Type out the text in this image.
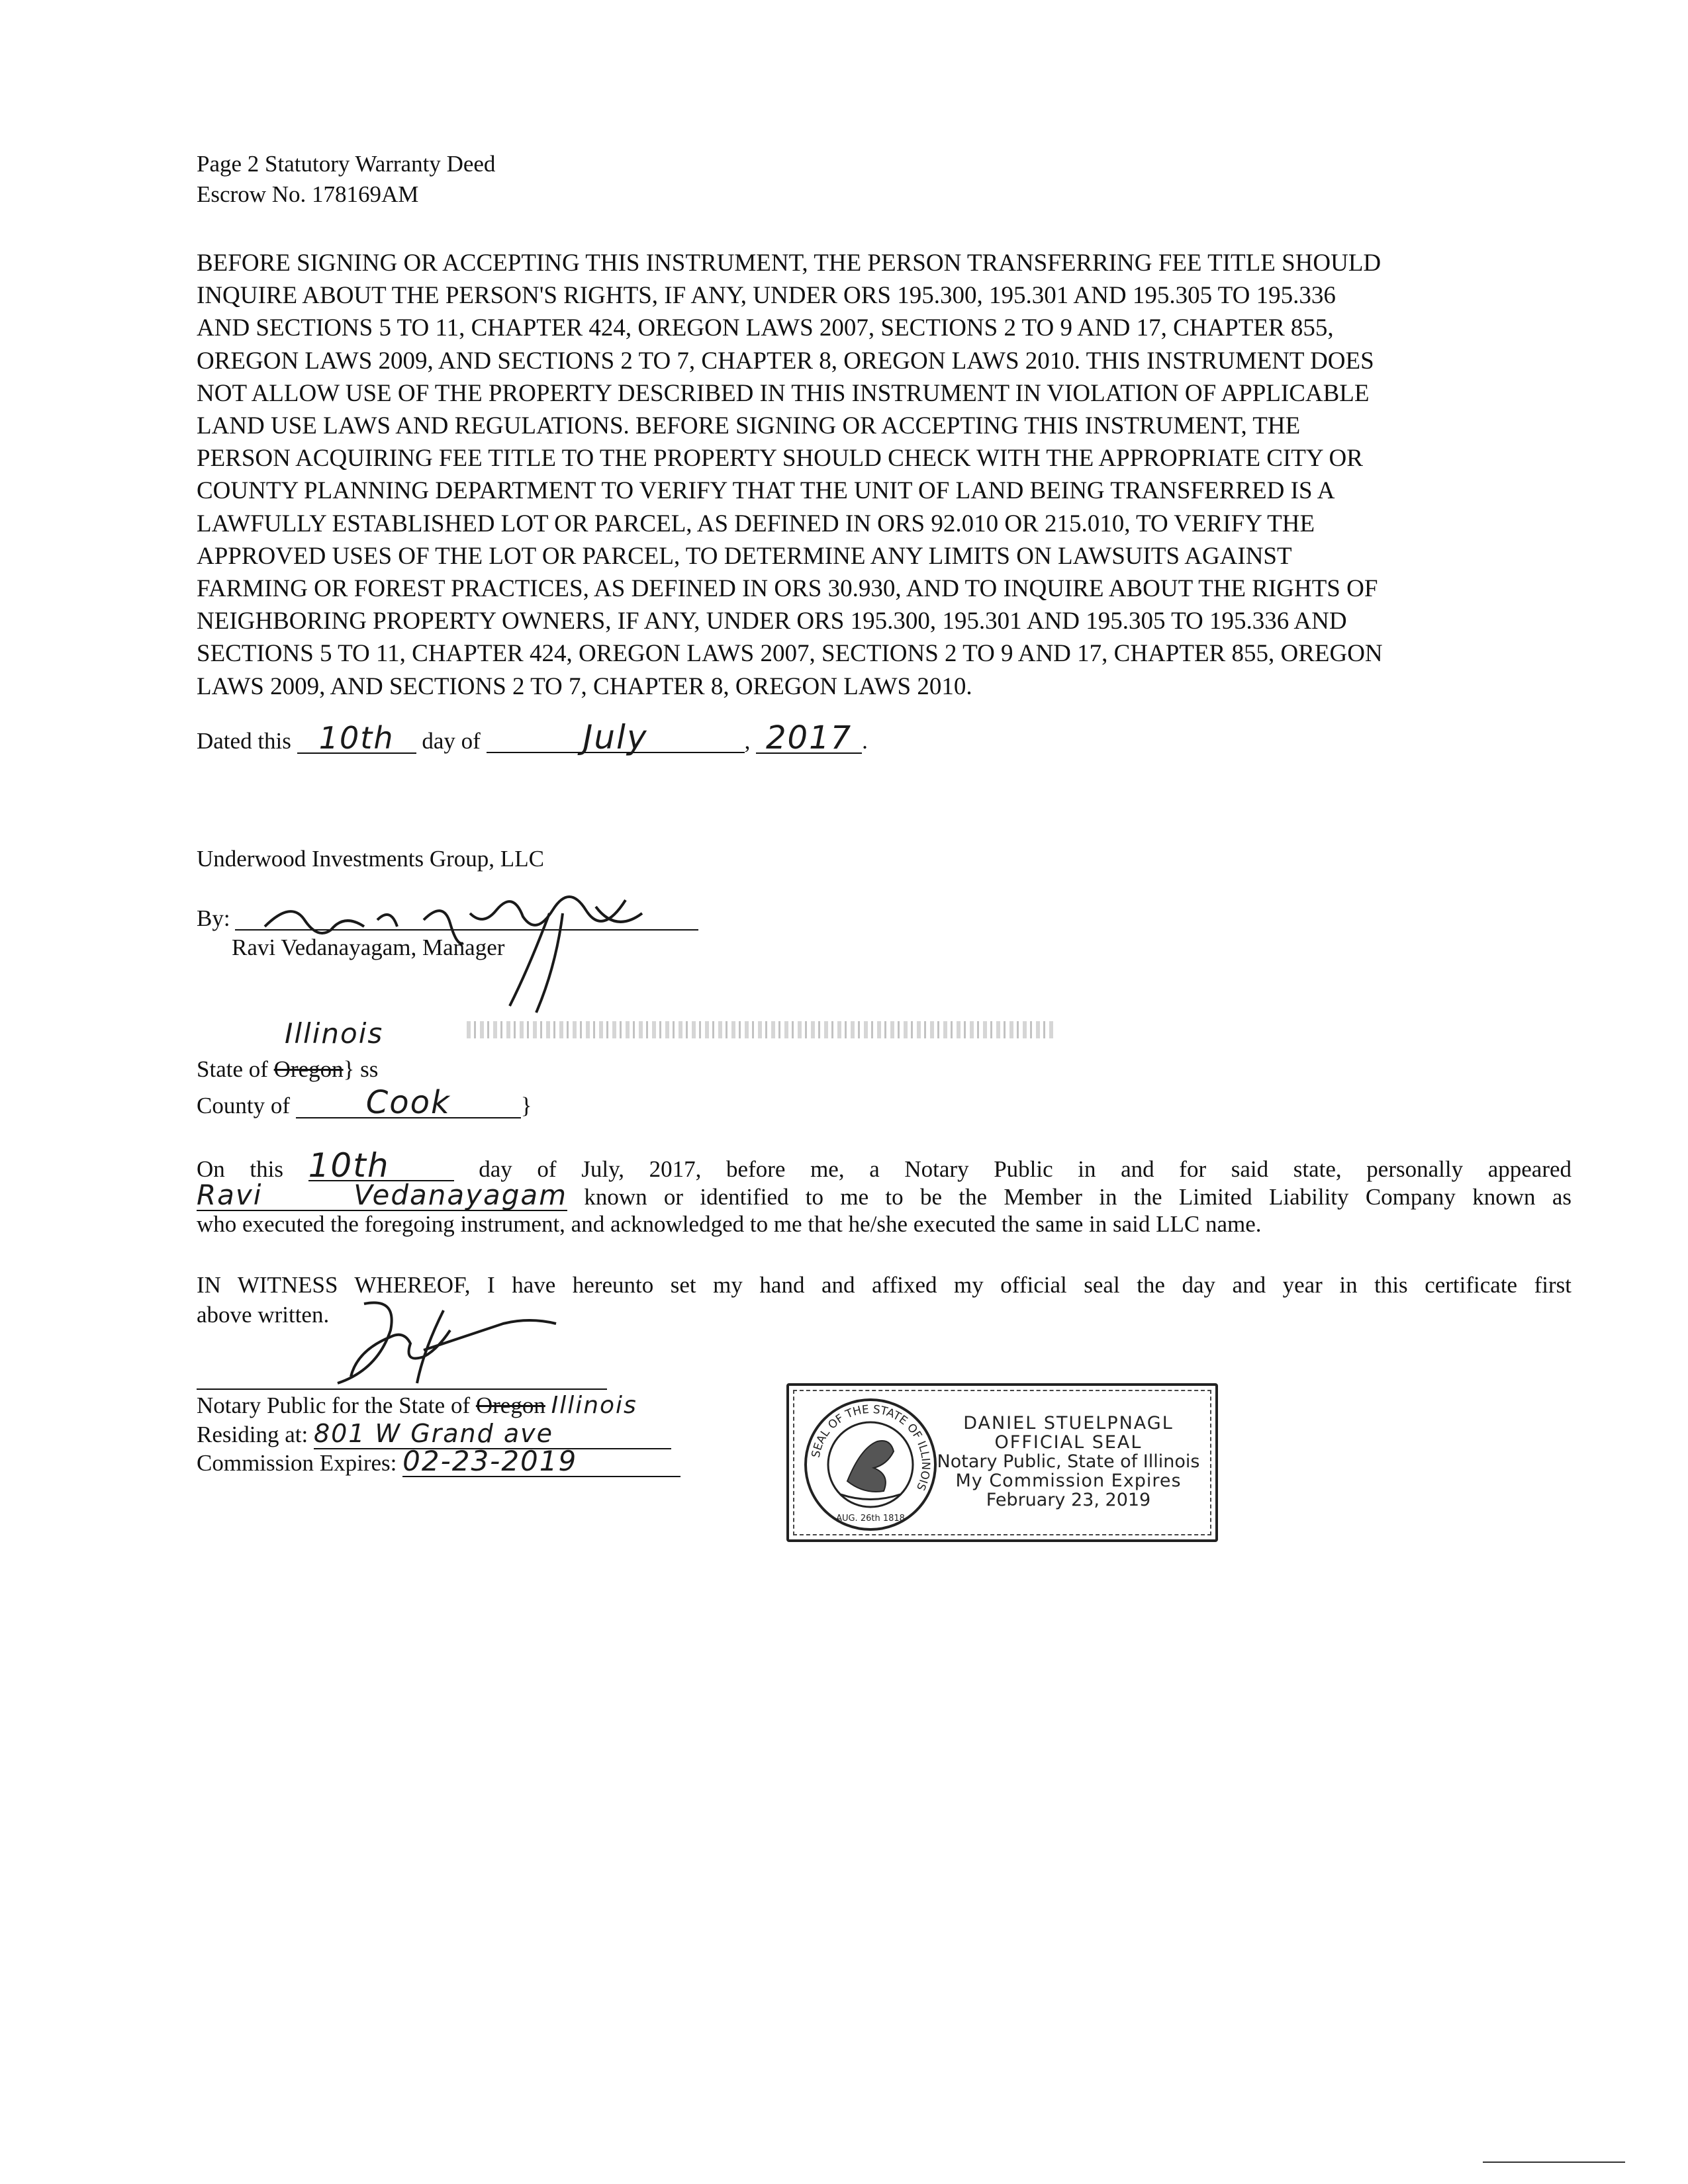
Page 2 Statutory Warranty Deed
Escrow No. 178169AM
BEFORE SIGNING OR ACCEPTING THIS INSTRUMENT, THE PERSON TRANSFERRING FEE TITLE SHOULD
INQUIRE ABOUT THE PERSON'S RIGHTS, IF ANY, UNDER ORS 195.300, 195.301 AND 195.305 TO 195.336
AND SECTIONS 5 TO 11, CHAPTER 424, OREGON LAWS 2007, SECTIONS 2 TO 9 AND 17, CHAPTER 855,
OREGON LAWS 2009, AND SECTIONS 2 TO 7, CHAPTER 8, OREGON LAWS 2010. THIS INSTRUMENT DOES
NOT ALLOW USE OF THE PROPERTY DESCRIBED IN THIS INSTRUMENT IN VIOLATION OF APPLICABLE
LAND USE LAWS AND REGULATIONS. BEFORE SIGNING OR ACCEPTING THIS INSTRUMENT, THE
PERSON ACQUIRING FEE TITLE TO THE PROPERTY SHOULD CHECK WITH THE APPROPRIATE CITY OR
COUNTY PLANNING DEPARTMENT TO VERIFY THAT THE UNIT OF LAND BEING TRANSFERRED IS A
LAWFULLY ESTABLISHED LOT OR PARCEL, AS DEFINED IN ORS 92.010 OR 215.010, TO VERIFY THE
APPROVED USES OF THE LOT OR PARCEL, TO DETERMINE ANY LIMITS ON LAWSUITS AGAINST
FARMING OR FOREST PRACTICES, AS DEFINED IN ORS 30.930, AND TO INQUIRE ABOUT THE RIGHTS OF
NEIGHBORING PROPERTY OWNERS, IF ANY, UNDER ORS 195.300, 195.301 AND 195.305 TO 195.336 AND
SECTIONS 5 TO 11, CHAPTER 424, OREGON LAWS 2007, SECTIONS 2 TO 9 AND 17, CHAPTER 855, OREGON
LAWS 2009, AND SECTIONS 2 TO 7, CHAPTER 8, OREGON LAWS 2010.
Dated this 10th day of	July	, 2017 .
Underwood Investments Group, LLC
By:
Ravi Vedanayagam, Manager
Illinois
State of Oregon} ss
County of Cook	}
On this 10th	day of July, 2017, before me, a Notary Public in and for said state, personally appeared
Ravi Vedanayagam known or identified to me to be the Member in the Limited Liability Company known as
who executed the foregoing instrument, and acknowledged to me that he/she executed the same in said LLC name.
IN WITNESS WHEREOF, I have hereunto set my hand and affixed my official seal the day and year in this certificate first
above written.
Notary Public for the State of Oregon Illinois
Residing at: 801 W Grand ave
Commission Expires: 02-23-2019	SEAL OF THE STATE OF ILLINOIS
AUG. 26th 1818
DANIEL STUELPNAGL
OFFICIAL SEAL
Notary Public, State of Illinois
My Commission Expires
February 23, 2019
